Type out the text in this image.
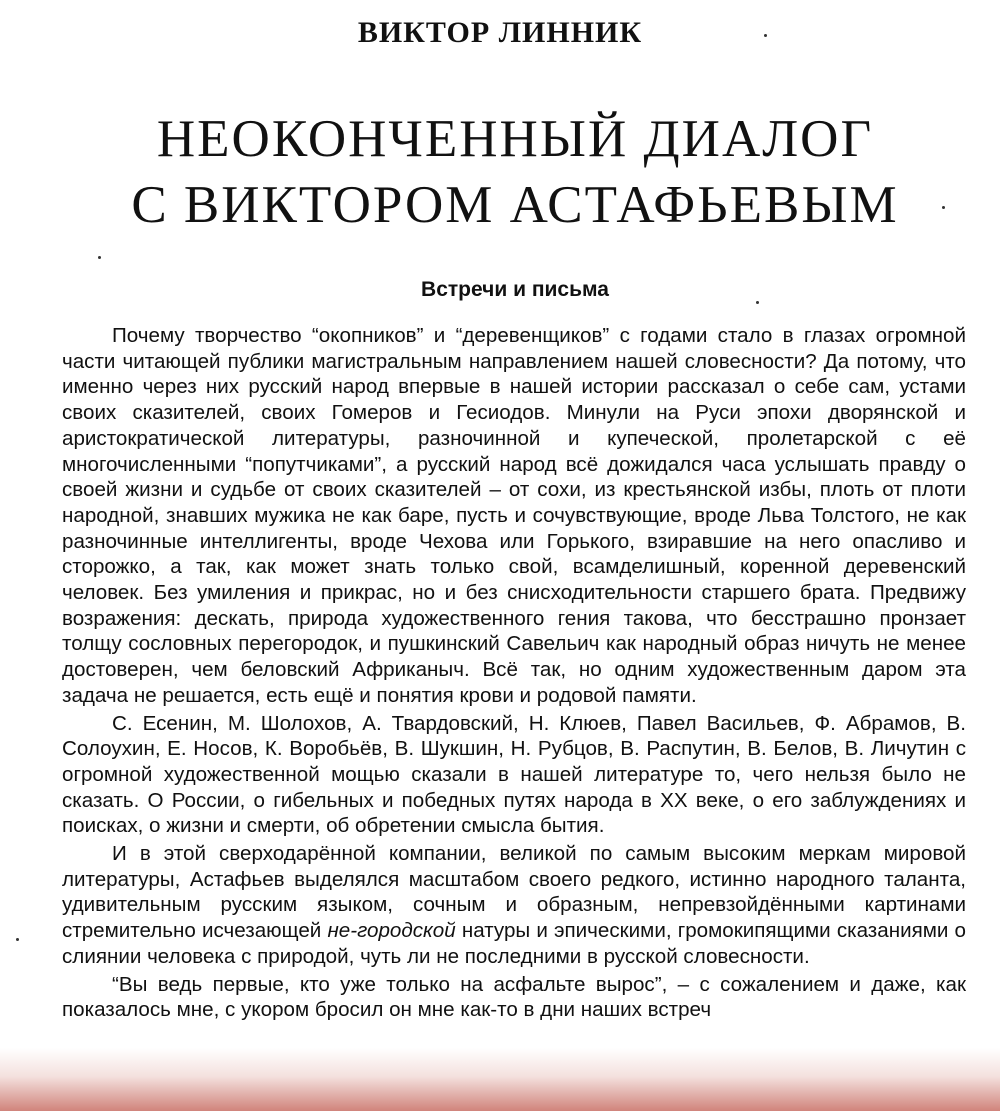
ВИКТОР ЛИННИК
НЕОКОНЧЕННЫЙ ДИАЛОГ
С ВИКТОРОМ АСТАФЬЕВЫМ
Встречи и письма

Почему творчество “окопников” и “деревенщиков” с годами стало в глазах огромной части читающей публики магистральным направлением нашей словесности? Да потому, что именно через них русский народ впервые в нашей истории рассказал о себе сам, устами своих сказителей, своих Гомеров и Гесиодов. Минули на Руси эпохи дворянской и аристократической литературы, разночинной и купеческой, пролетарской с её многочисленными “попутчиками”, а русский народ всё дожидался часа услышать правду о своей жизни и судьбе от своих сказителей – от сохи, из крестьянской избы, плоть от плоти народной, знавших мужика не как баре, пусть и сочувствующие, вроде Льва Толстого, не как разночинные интеллигенты, вроде Чехова или Горького, взиравшие на него опасливо и сторожко, а так, как может знать только свой, всамделишный, коренной деревенский человек. Без умиления и прикрас, но и без снисходительности старшего брата. Предвижу возражения: дескать, природа художественного гения такова, что бесстрашно пронзает толщу сословных перегородок, и пушкинский Савельич как народный образ ничуть не менее достоверен, чем беловский Африканыч. Всё так, но одним художественным даром эта задача не решается, есть ещё и понятия крови и родовой памяти.

С. Есенин, М. Шолохов, А. Твардовский, Н. Клюев, Павел Васильев, Ф. Абрамов, В. Солоухин, Е. Носов, К. Воробьёв, В. Шукшин, Н. Рубцов, В. Распутин, В. Белов, В. Личутин с огромной художественной мощью сказали в нашей литературе то, чего нельзя было не сказать. О России, о гибельных и победных путях народа в XX веке, о его заблуждениях и поисках, о жизни и смерти, об обретении смысла бытия.

И в этой сверходарённой компании, великой по самым высоким меркам мировой литературы, Астафьев выделялся масштабом своего редкого, истинно народного таланта, удивительным русским языком, сочным и образным, непревзойдёнными картинами стремительно исчезающей не-городской натуры и эпическими, громокипящими сказаниями о слиянии человека с природой, чуть ли не последними в русской словесности.

“Вы ведь первые, кто уже только на асфальте вырос”, – с сожалением и даже, как показалось мне, с укором бросил он мне как-то в дни наших встреч
